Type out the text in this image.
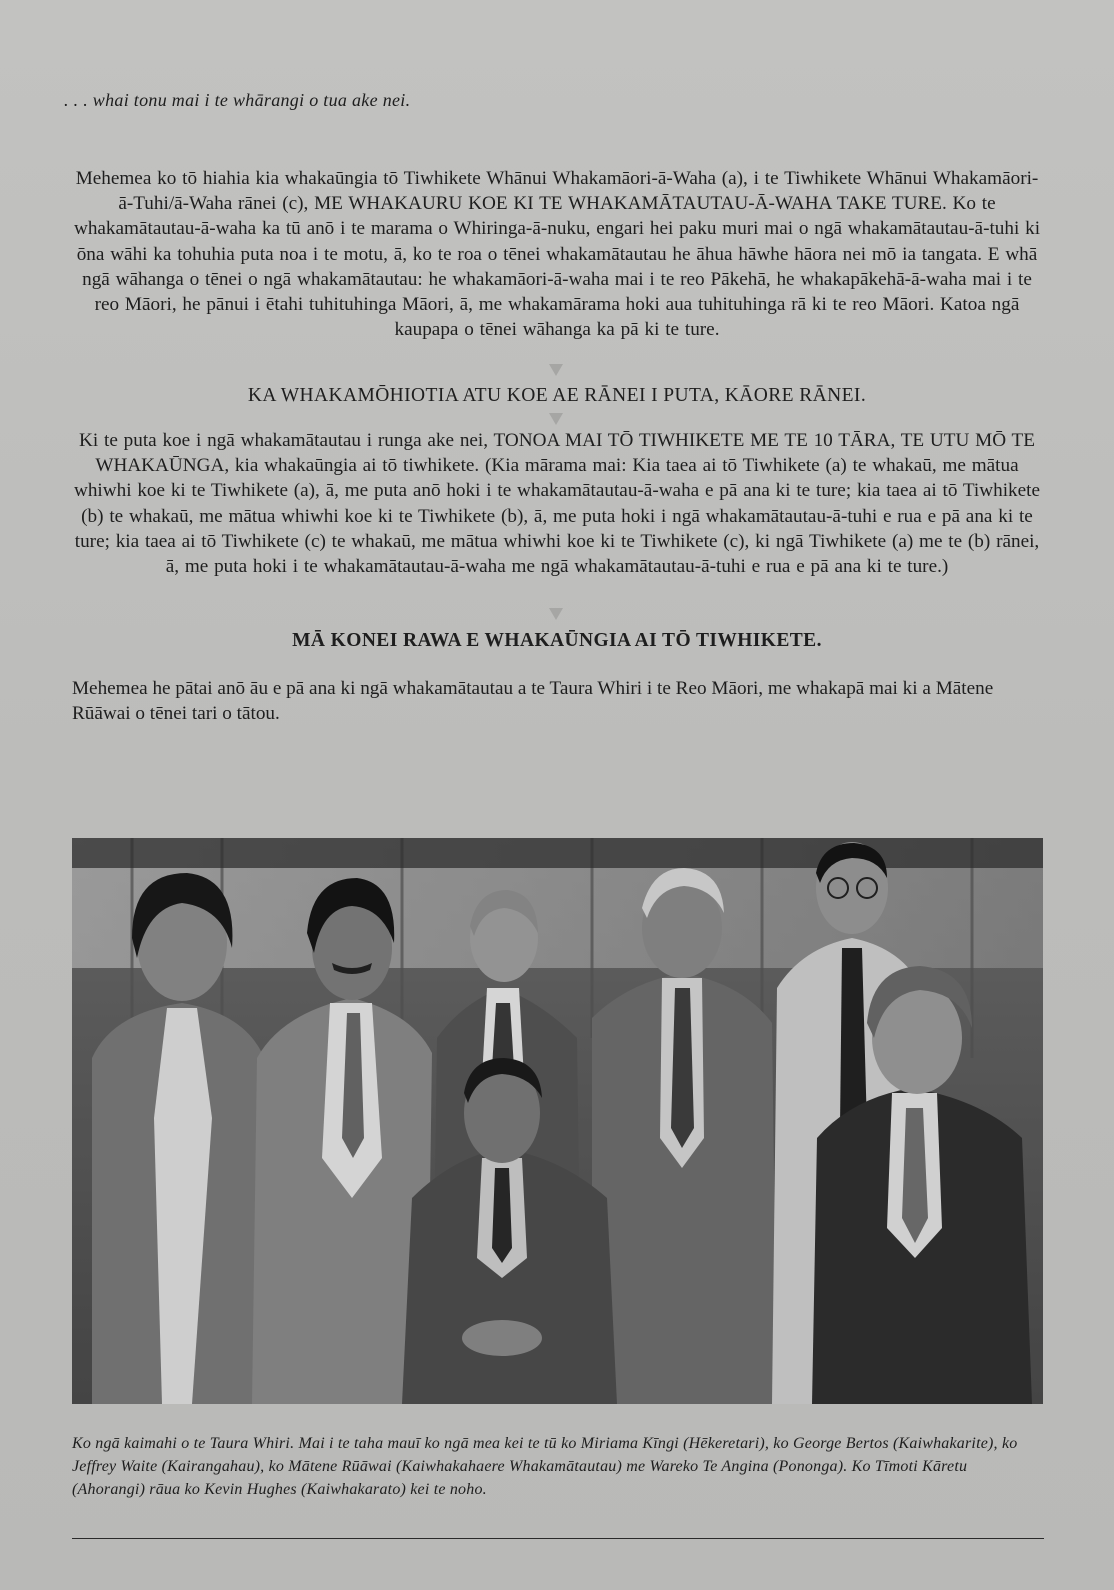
. . . whai tonu mai i te whārangi o tua ake nei.
Mehemea ko tō hiahia kia whakaūngia tō Tiwhikete Whānui Whakamāori-ā-Waha (a), i te Tiwhikete Whānui Whakamāori-ā-Tuhi/ā-Waha rānei (c), ME WHAKAURU KOE KI TE WHAKAMĀTAUTAU-Ā-WAHA TAKE TURE. Ko te whakamātautau-ā-waha ka tū anō i te marama o Whiringa-ā-nuku, engari hei paku muri mai o ngā whakamātautau-ā-tuhi ki ōna wāhi ka tohuhia puta noa i te motu, ā, ko te roa o tēnei whakamātautau he āhua hāwhe hāora nei mō ia tangata. E whā ngā wāhanga o tēnei o ngā whakamātautau: he whakamāori-ā-waha mai i te reo Pākehā, he whakapākehā-ā-waha mai i te reo Māori, he pānui i ētahi tuhituhinga Māori, ā, me whakamārama hoki aua tuhituhinga rā ki te reo Māori. Katoa ngā kaupapa o tēnei wāhanga ka pā ki te ture.
KA WHAKAMŌHIOTIA ATU KOE AE RĀNEI I PUTA, KĀORE RĀNEI.
Ki te puta koe i ngā whakamātautau i runga ake nei, TONOA MAI TŌ TIWHIKETE ME TE 10 TĀRA, TE UTU MŌ TE WHAKAŪNGA, kia whakaūngia ai tō tiwhikete. (Kia mārama mai: Kia taea ai tō Tiwhikete (a) te whakaū, me mātua whiwhi koe ki te Tiwhikete (a), ā, me puta anō hoki i te whakamātautau-ā-waha e pā ana ki te ture; kia taea ai tō Tiwhikete (b) te whakaū, me mātua whiwhi koe ki te Tiwhikete (b), ā, me puta hoki i ngā whakamātautau-ā-tuhi e rua e pā ana ki te ture; kia taea ai tō Tiwhikete (c) te whakaū, me mātua whiwhi koe ki te Tiwhikete (c), ki ngā Tiwhikete (a) me te (b) rānei, ā, me puta hoki i te whakamātautau-ā-waha me ngā whakamātautau-ā-tuhi e rua e pā ana ki te ture.)
MĀ KONEI RAWA E WHAKAŪNGIA AI TŌ TIWHIKETE.
Mehemea he pātai anō āu e pā ana ki ngā whakamātautau a te Taura Whiri i te Reo Māori, me whakapā mai ki a Mātene Rūāwai o tēnei tari o tātou.
Ko ngā kaimahi o te Taura Whiri. Mai i te taha mauī ko ngā mea kei te tū ko Miriama Kīngi (Hēkeretari), ko George Bertos (Kaiwhakarite), ko Jeffrey Waite (Kairangahau), ko Mātene Rūāwai (Kaiwhakahaere Whakamātautau) me Wareko Te Angina (Pononga). Ko Tīmoti Kāretu (Ahorangi) rāua ko Kevin Hughes (Kaiwhakarato) kei te noho.
